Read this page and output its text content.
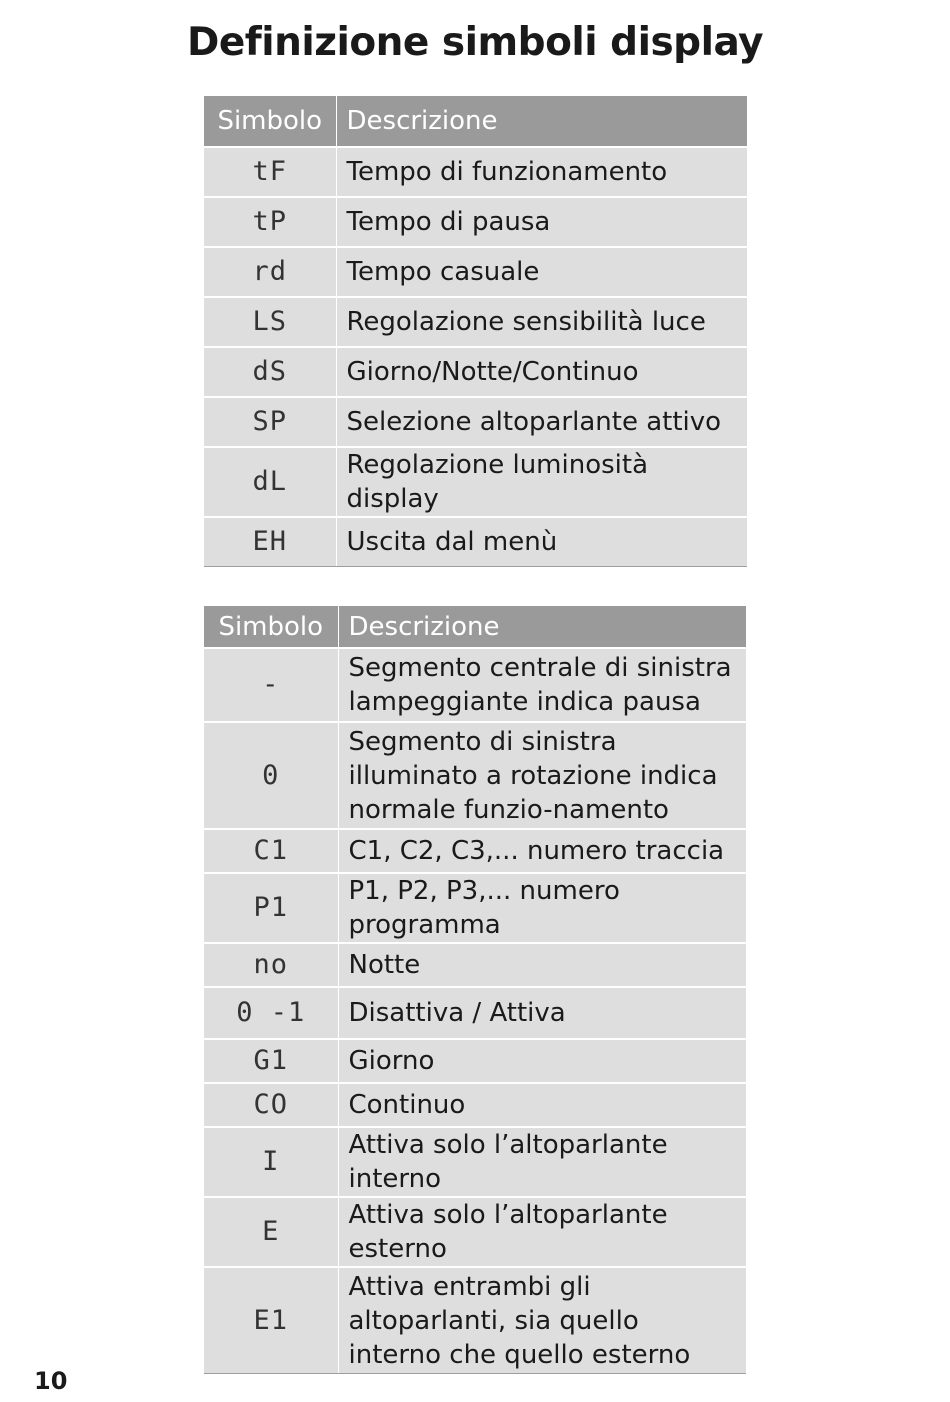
Definizione simboli display
Simbolo	Descrizione
tF	Tempo di funzionamento
tP	Tempo di pausa
rd	Tempo casuale
LS	Regolazione sensibilità luce
dS	Giorno/Notte/Continuo
SP	Selezione altoparlante attivo
dL	Regolazione luminosità display
EH	Uscita dal menù
Simbolo	Descrizione
-	Segmento centrale di sinistra lampeggiante indica pausa
0	Segmento di sinistra illuminato a rotazione indica normale funzio-namento
C1	C1, C2, C3,... numero traccia
P1	P1, P2, P3,... numero programma
no	Notte
0 -1	Disattiva / Attiva
G1	Giorno
CO	Continuo
I	Attiva solo l’altoparlante interno
E	Attiva solo l’altoparlante esterno
E1	Attiva entrambi gli altoparlanti, sia quello interno che quello esterno
10
